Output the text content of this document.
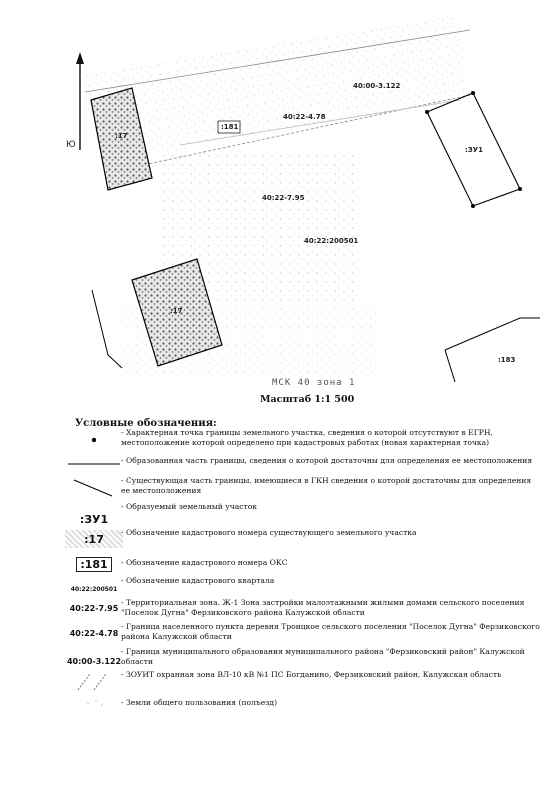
Ю
:17
:17
:181
:ЗУ1
:183
40:00-3.122
40:22-4.78
40:22-7.95
40:22:200501
МСК 40 зона 1
Масштаб 1:1 500
Условные обозначения:
- Характерная точка границы земельного участка, сведения о которой отсутствуют в ЕГРН, местоположение которой определено при кадастровых работах (новая характерная точка)
- Образованная часть границы, сведения о которой достаточны для определения ее местоположения
- Существующая часть границы, имеющиеся в ГКН сведения о которой достаточны для определения ее местоположения
- Образуемый земельный участок
:ЗУ1
:17	- Обозначение кадастрового номера существующего земельного участка
:181	- Обозначение кадастрового номера ОКС
40:22:200501
- Обозначение кадастрового квартала
40:22-7.95
- Территориальная зона. Ж-1 Зона застройки малоэтажными жилыми домами сельского поселения "Поселок Дугна" Ферзиковского района Калужской области
40:22-4.78
- Граница населенного пункта деревня Троицкое сельского поселения "Поселок Дугна" Ферзиковского района Калужской области
40:00-3.122
- Граница муниципального образования муниципального района "Ферзиковский район" Калужской области
- ЗОУИТ охранная зона ВЛ-10 кВ №1 ПС Богданино, Ферзиковский район, Калужская область
- Земли общего пользования (полъезд)
